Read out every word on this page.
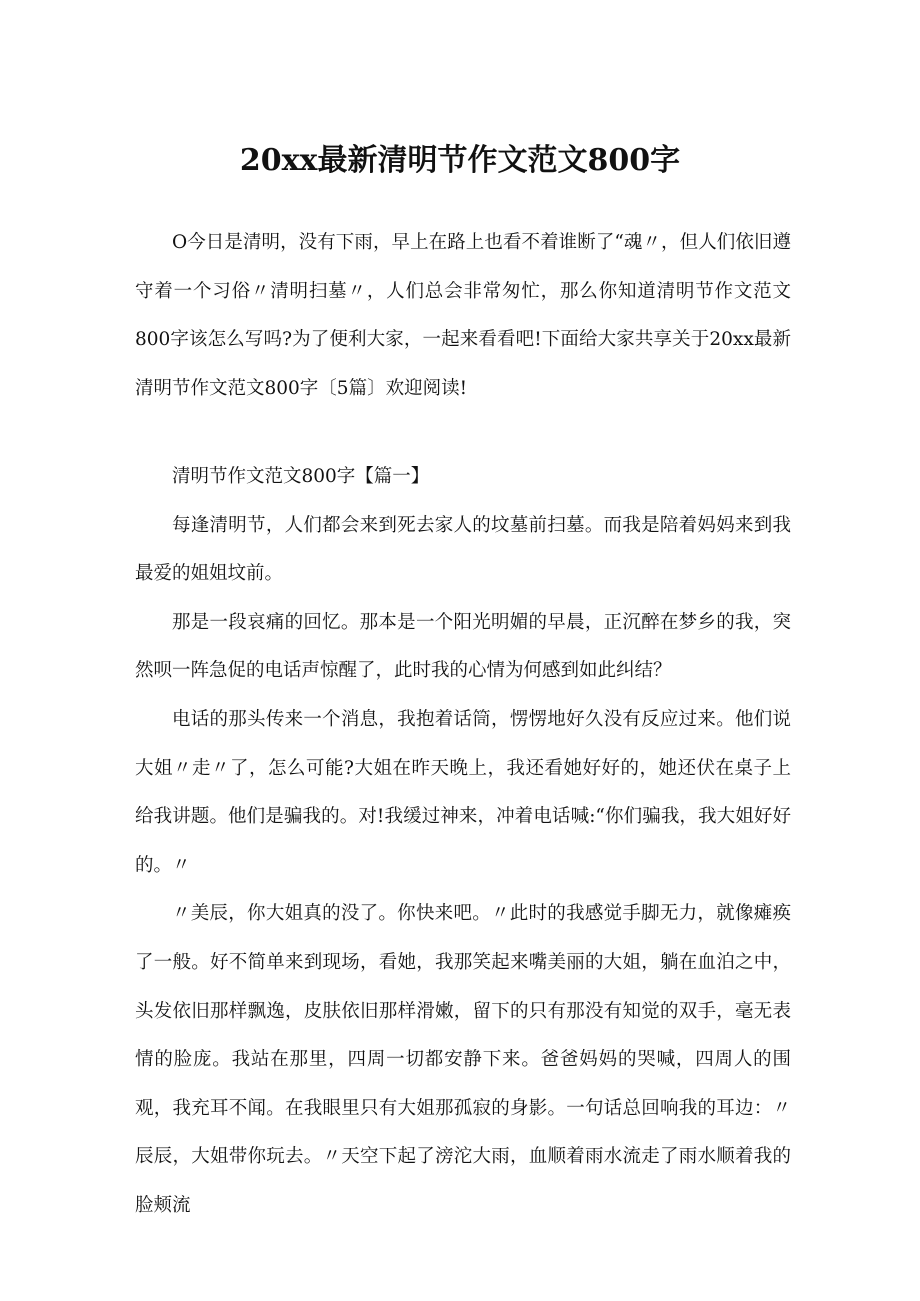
20xx最新清明节作文范文800字

O今日是清明，没有下雨，早上在路上也看不着谁断了“魂〃，但人们依旧遵守着一个习俗〃清明扫墓〃，人们总会非常匆忙，那么你知道清明节作文范文800字该怎么写吗?为了便利大家，一起来看看吧!下面给大家共享关于20xx最新清明节作文范文800字〔5篇〕欢迎阅读!

清明节作文范文800字【篇一】

每逢清明节，人们都会来到死去家人的坟墓前扫墓。而我是陪着妈妈来到我最爱的姐姐坟前。

那是一段哀痛的回忆。那本是一个阳光明媚的早晨，正沉醉在梦乡的我，突然呗一阵急促的电话声惊醒了，此时我的心情为何感到如此纠结？

电话的那头传来一个消息，我抱着话筒，愣愣地好久没有反应过来。他们说大姐〃走〃了，怎么可能?大姐在昨天晚上，我还看她好好的，她还伏在桌子上给我讲题。他们是骗我的。对!我缓过神来，冲着电话喊:“你们骗我，我大姐好好的。〃

〃美辰，你大姐真的没了。你快来吧。〃此时的我感觉手脚无力，就像瘫痪了一般。好不简单来到现场，看她，我那笑起来嘴美丽的大姐，躺在血泊之中，头发依旧那样飘逸，皮肤依旧那样滑嫩，留下的只有那没有知觉的双手，毫无表情的脸庞。我站在那里，四周一切都安静下来。爸爸妈妈的哭喊，四周人的围观，我充耳不闻。在我眼里只有大姐那孤寂的身影。一句话总回响我的耳边：〃辰辰，大姐带你玩去。〃天空下起了滂沱大雨，血顺着雨水流走了雨水顺着我的脸颊流
